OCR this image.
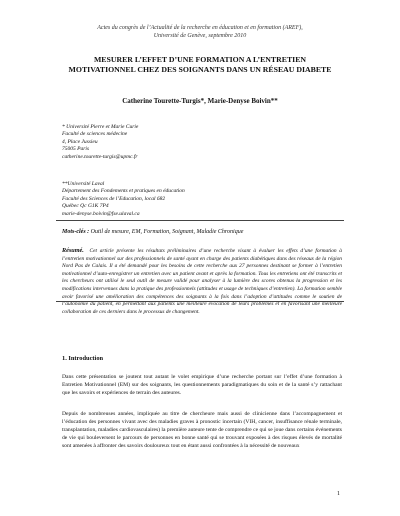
Actes du congrès de l’Actualité de la recherche en éducation et en formation (AREF),
Université de Genève, septembre 2010
MESURER L’EFFET D’UNE FORMATION A L’ENTRETIEN
MOTIVATIONNEL CHEZ DES SOIGNANTS DANS UN RÉSEAU DIABETE
Catherine Tourette-Turgis*, Marie-Denyse Boivin**
* Université Pierre et Marie Curie
Faculté de sciences médecine
4, Place Jussieu
75005 Paris
catherine.tourette-turgis@upmc.fr
**Université Laval
Département des Fondements et pratiques en éducation
Faculté des Sciences de l’Education, local 682
Québec Qc G1K 7P4
marie-denyse.boivin@fse.ulaval.ca
Mots-clés : Outil de mesure, EM, Formation, Soignant, Maladie Chronique
Résumé. Cet article présente les résultats préliminaires d’une recherche visant à évaluer les effets d’une formation à l’entretien motivationnel sur des professionnels de santé ayant en charge des patients diabétiques dans des réseaux de la région Nord Pas de Calais. Il a été demandé pour les besoins de cette recherche aux 27 personnes destinant se former à l’entretien motivationnel d’auto-enregistrer un entretien avec un patient avant et après la formation. Tous les entretiens ont été transcrits et les chercheurs ont utilisé le seul outil de mesure validé pour analyser à la lumière des scores obtenus la progression et les modifications intervenues dans la pratique des professionnels (attitudes et usage de techniques d’entretien). La formation semble avoir favorisé une amélioration des compétences des soignants à la fois dans l’adoption d’attitudes comme le soutien de l’autonomie du patient, en permettant aux patients une meilleure évocation de leurs problèmes et en favorisant une meilleure collaboration de ces derniers dans le processus de changement.
1. Introduction
Dans cette présentation se joutent tout autant le volet empirique d’une recherche portant sur l’effet d’une formation à Entretien Motivationnel (EM) sur des soignants, les questionnements paradigmatiques du soin et de la santé s’y rattachant que les savoirs et expériences de terrain des auteures.
Depuis de nombreuses années, impliquée au titre de chercheure mais aussi de clinicienne dans l’accompagnement et l’éducation des personnes vivant avec des maladies graves à pronostic incertain (VIH, cancer, insuffisance rénale terminale, transplantation, maladies cardiovasculaires) la première auteure tente de comprendre ce qui se joue dans certains événements de vie qui bouleversent le parcours de personnes en bonne santé qui se trouvant exposées à des risques élevés de mortalité sont amenées à affronter des savoirs douloureux tout en étant aussi confrontées à la nécessité de nouveaux
1
